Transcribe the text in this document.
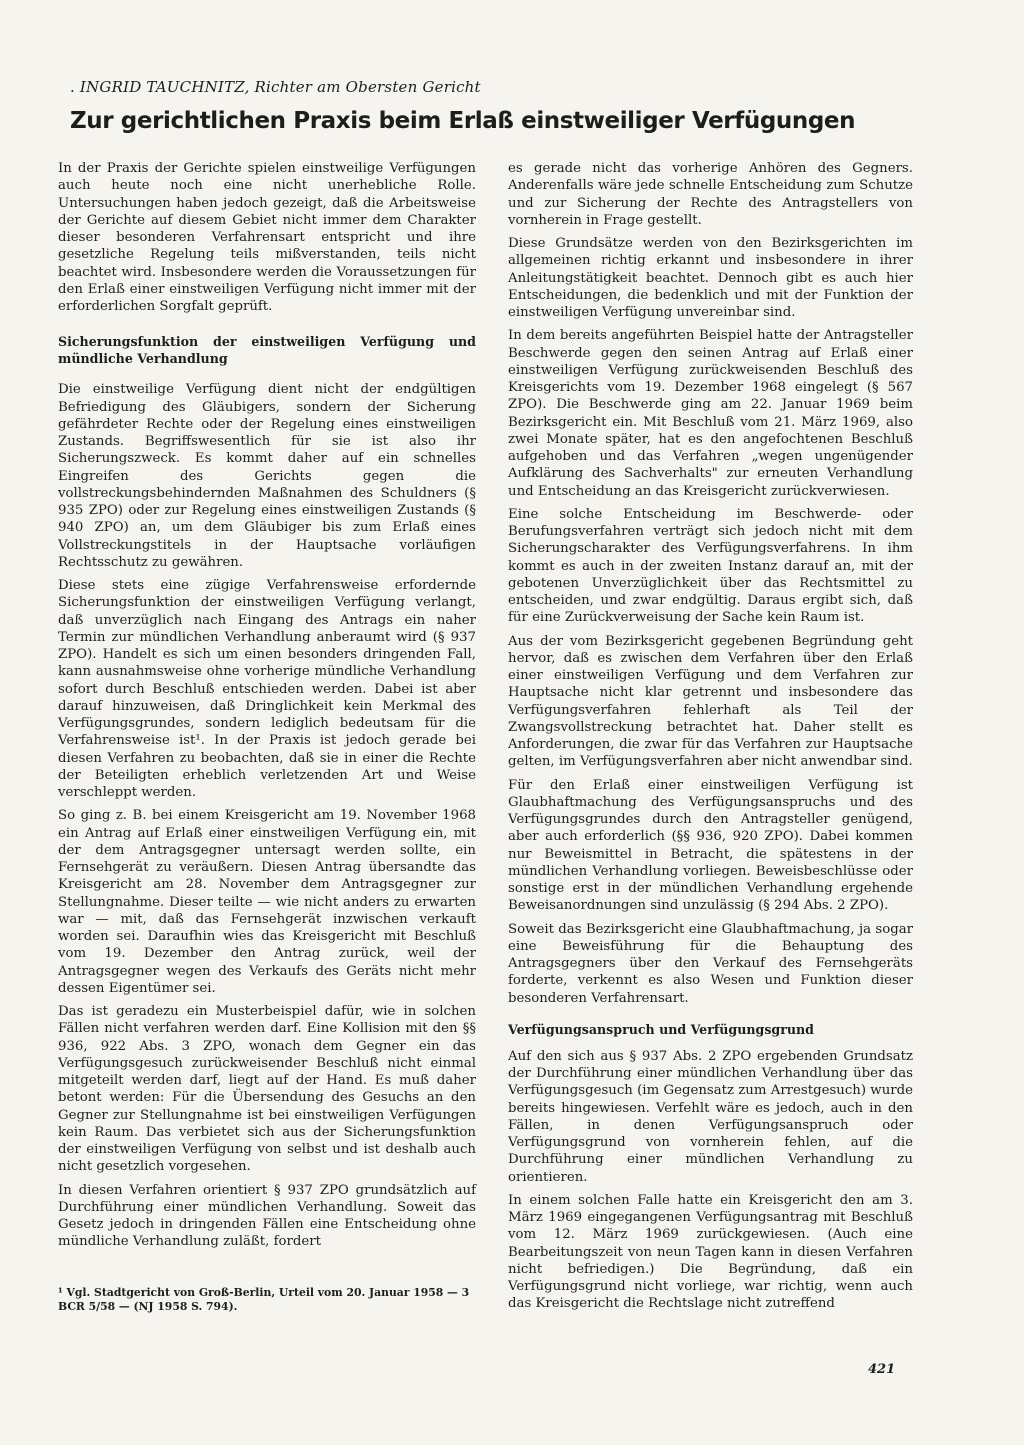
. INGRID TAUCHNITZ, Richter am Obersten Gericht
Zur gerichtlichen Praxis beim Erlaß einstweiliger Verfügungen

In der Praxis der Gerichte spielen einstweilige Verfügungen auch heute noch eine nicht unerhebliche Rolle. Untersuchungen haben jedoch gezeigt, daß die Arbeitsweise der Gerichte auf diesem Gebiet nicht immer dem Charakter dieser besonderen Verfahrensart entspricht und ihre gesetzliche Regelung teils mißverstanden, teils nicht beachtet wird. Insbesondere werden die Voraussetzungen für den Erlaß einer einstweiligen Verfügung nicht immer mit der erforderlichen Sorgfalt geprüft.

Sicherungsfunktion der einstweiligen Verfügung und mündliche Verhandlung

Die einstweilige Verfügung dient nicht der endgültigen Befriedigung des Gläubigers, sondern der Sicherung gefährdeter Rechte oder der Regelung eines einstweiligen Zustands. Begriffswesentlich für sie ist also ihr Sicherungszweck. Es kommt daher auf ein schnelles Eingreifen des Gerichts gegen die vollstreckungsbehindernden Maßnahmen des Schuldners (§ 935 ZPO) oder zur Regelung eines einstweiligen Zustands (§ 940 ZPO) an, um dem Gläubiger bis zum Erlaß eines Vollstreckungstitels in der Hauptsache vorläufigen Rechtsschutz zu gewähren.

Diese stets eine zügige Verfahrensweise erfordernde Sicherungsfunktion der einstweiligen Verfügung verlangt, daß unverzüglich nach Eingang des Antrags ein naher Termin zur mündlichen Verhandlung anberaumt wird (§ 937 ZPO). Handelt es sich um einen besonders dringenden Fall, kann ausnahmsweise ohne vorherige mündliche Verhandlung sofort durch Beschluß entschieden werden. Dabei ist aber darauf hinzuweisen, daß Dringlichkeit kein Merkmal des Verfügungsgrundes, sondern lediglich bedeutsam für die Verfahrensweise ist¹. In der Praxis ist jedoch gerade bei diesen Verfahren zu beobachten, daß sie in einer die Rechte der Beteiligten erheblich verletzenden Art und Weise verschleppt werden.

So ging z. B. bei einem Kreisgericht am 19. November 1968 ein Antrag auf Erlaß einer einstweiligen Verfügung ein, mit der dem Antragsgegner untersagt werden sollte, ein Fernsehgerät zu veräußern. Diesen Antrag übersandte das Kreisgericht am 28. November dem Antragsgegner zur Stellungnahme. Dieser teilte — wie nicht anders zu erwarten war — mit, daß das Fernsehgerät inzwischen verkauft worden sei. Daraufhin wies das Kreisgericht mit Beschluß vom 19. Dezember den Antrag zurück, weil der Antragsgegner wegen des Verkaufs des Geräts nicht mehr dessen Eigentümer sei.

Das ist geradezu ein Musterbeispiel dafür, wie in solchen Fällen nicht verfahren werden darf. Eine Kollision mit den §§ 936, 922 Abs. 3 ZPO, wonach dem Gegner ein das Verfügungsgesuch zurückweisender Beschluß nicht einmal mitgeteilt werden darf, liegt auf der Hand. Es muß daher betont werden: Für die Übersendung des Gesuchs an den Gegner zur Stellungnahme ist bei einstweiligen Verfügungen kein Raum. Das verbietet sich aus der Sicherungsfunktion der einstweiligen Verfügung von selbst und ist deshalb auch nicht gesetzlich vorgesehen.

In diesen Verfahren orientiert § 937 ZPO grundsätzlich auf Durchführung einer mündlichen Verhandlung. Soweit das Gesetz jedoch in dringenden Fällen eine Entscheidung ohne mündliche Verhandlung zuläßt, fordert

¹ Vgl. Stadtgericht von Groß-Berlin, Urteil vom 20. Januar 1958 — 3 BCR 5/58 — (NJ 1958 S. 794).

es gerade nicht das vorherige Anhören des Gegners. Anderenfalls wäre jede schnelle Entscheidung zum Schutze und zur Sicherung der Rechte des Antragstellers von vornherein in Frage gestellt.

Diese Grundsätze werden von den Bezirksgerichten im allgemeinen richtig erkannt und insbesondere in ihrer Anleitungstätigkeit beachtet. Dennoch gibt es auch hier Entscheidungen, die bedenklich und mit der Funktion der einstweiligen Verfügung unvereinbar sind.

In dem bereits angeführten Beispiel hatte der Antragsteller Beschwerde gegen den seinen Antrag auf Erlaß einer einstweiligen Verfügung zurückweisenden Beschluß des Kreisgerichts vom 19. Dezember 1968 eingelegt (§ 567 ZPO). Die Beschwerde ging am 22. Januar 1969 beim Bezirksgericht ein. Mit Beschluß vom 21. März 1969, also zwei Monate später, hat es den angefochtenen Beschluß aufgehoben und das Verfahren „wegen ungenügender Aufklärung des Sachverhalts" zur erneuten Verhandlung und Entscheidung an das Kreisgericht zurückverwiesen.

Eine solche Entscheidung im Beschwerde- oder Berufungsverfahren verträgt sich jedoch nicht mit dem Sicherungscharakter des Verfügungsverfahrens. In ihm kommt es auch in der zweiten Instanz darauf an, mit der gebotenen Unverzüglichkeit über das Rechtsmittel zu entscheiden, und zwar endgültig. Daraus ergibt sich, daß für eine Zurückverweisung der Sache kein Raum ist.

Aus der vom Bezirksgericht gegebenen Begründung geht hervor, daß es zwischen dem Verfahren über den Erlaß einer einstweiligen Verfügung und dem Verfahren zur Hauptsache nicht klar getrennt und insbesondere das Verfügungsverfahren fehlerhaft als Teil der Zwangsvollstreckung betrachtet hat. Daher stellt es Anforderungen, die zwar für das Verfahren zur Hauptsache gelten, im Verfügungsverfahren aber nicht anwendbar sind.

Für den Erlaß einer einstweiligen Verfügung ist Glaubhaftmachung des Verfügungsanspruchs und des Verfügungsgrundes durch den Antragsteller genügend, aber auch erforderlich (§§ 936, 920 ZPO). Dabei kommen nur Beweismittel in Betracht, die spätestens in der mündlichen Verhandlung vorliegen. Beweisbeschlüsse oder sonstige erst in der mündlichen Verhandlung ergehende Beweisanordnungen sind unzulässig (§ 294 Abs. 2 ZPO).

Soweit das Bezirksgericht eine Glaubhaftmachung, ja sogar eine Beweisführung für die Behauptung des Antragsgegners über den Verkauf des Fernsehgeräts forderte, verkennt es also Wesen und Funktion dieser besonderen Verfahrensart.

Verfügungsanspruch und Verfügungsgrund

Auf den sich aus § 937 Abs. 2 ZPO ergebenden Grundsatz der Durchführung einer mündlichen Verhandlung über das Verfügungsgesuch (im Gegensatz zum Arrestgesuch) wurde bereits hingewiesen. Verfehlt wäre es jedoch, auch in den Fällen, in denen Verfügungsanspruch oder Verfügungsgrund von vornherein fehlen, auf die Durchführung einer mündlichen Verhandlung zu orientieren.

In einem solchen Falle hatte ein Kreisgericht den am 3. März 1969 eingegangenen Verfügungsantrag mit Beschluß vom 12. März 1969 zurückgewiesen. (Auch eine Bearbeitungszeit von neun Tagen kann in diesen Verfahren nicht befriedigen.) Die Begründung, daß ein Verfügungsgrund nicht vorliege, war richtig, wenn auch das Kreisgericht die Rechtslage nicht zutreffend

421
